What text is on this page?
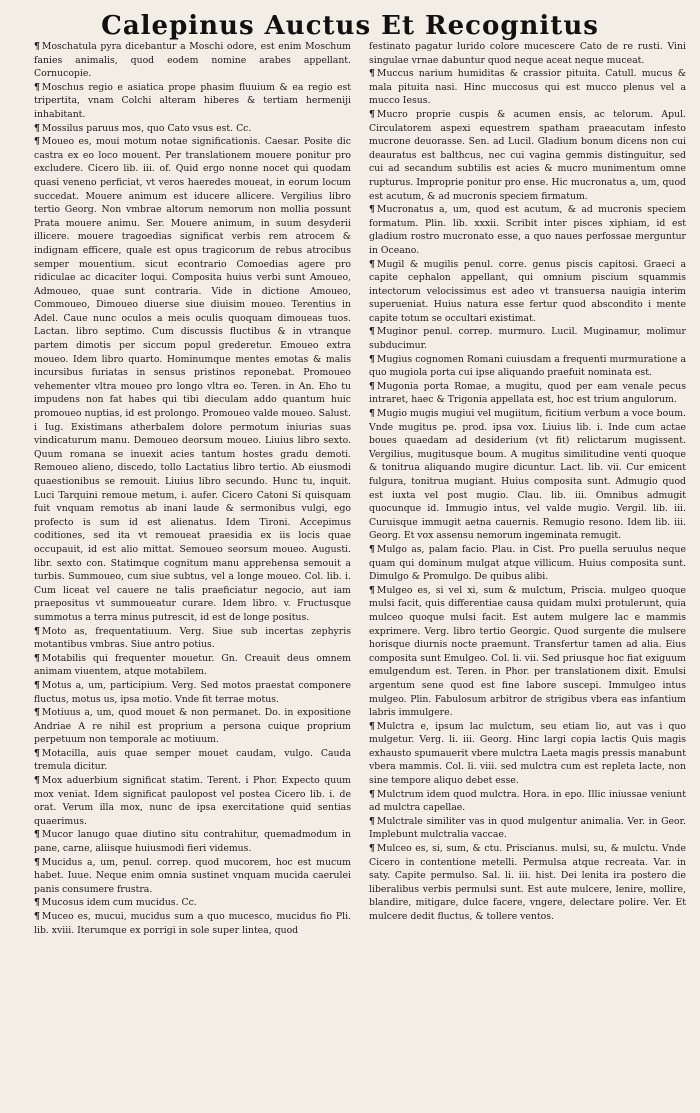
Calepinus Auctus Et Recognitus

¶ Moschatula pyra dicebantur a Moschi odore, est enim Moschum fanies animalis, quod eodem nomine arabes appellant. Cornucopie.

¶ Moschus regio e asiatica prope phasim fluuium & ea regio est tripertita, vnam Colchi alteram hiberes & tertiam hermeniji inhabitant.

¶ Mossilus paruus mos, quo Cato vsus est. Cc.

¶ Moueo es, moui motum notae significationis. Caesar. Posite dic castra ex eo loco mouent. Per translationem mouere ponitur pro excludere. Cicero lib. iii. of. Quid ergo nonne nocet qui quodam quasi veneno perficiat, vt veros haeredes moueat, in eorum locum succedat. Mouere animum est iducere allicere. Vergilius libro tertio Georg. Non vmbrae altorum nemorum non mollia possunt Prata mouere animu. Ser. Mouere animum, in suum desyderii illicere. mouere tragoedias significat verbis rem atrocem & indignam efficere, quale est opus tragicorum de rebus atrocibus semper mouentium. sicut econtrario Comoedias agere pro ridiculae ac dicaciter loqui. Composita huius verbi sunt Amoueo, Admoueo, quae sunt contraria. Vide in dictione Amoueo, Commoueo, Dimoueo diuerse siue diuisim moueo. Terentius in Adel. Caue nunc oculos a meis oculis quoquam dimoueas tuos. Lactan. libro septimo. Cum discussis fluctibus & in vtranque partem dimotis per siccum popul grederetur. Emoueo extra moueo. Idem libro quarto. Hominumque mentes emotas & malis incursibus furiatas in sensus pristinos reponebat. Promoueo vehementer vltra moueo pro longo vltra eo. Teren. in An. Eho tu impudens non fat habes qui tibi dieculam addo quantum huic promoueo nuptias, id est prolongo. Promoueo valde moueo. Salust. i Iug. Existimans atherbalem dolore permotum iniurias suas vindicaturum manu. Demoueo deorsum moueo. Liuius libro sexto. Quum romana se inuexit acies tantum hostes gradu demoti. Remoueo alieno, discedo, tollo Lactatius libro tertio. Ab eiusmodi quaestionibus se remouit. Liuius libro secundo. Hunc tu, inquit. Luci Tarquini remoue metum, i. aufer. Cicero Catoni Si quisquam fuit vnquam remotus ab inani laude & sermonibus vulgi, ego profecto is sum id est alienatus. Idem Tironi. Accepimus coditiones, sed ita vt remoueat praesidia ex iis locis quae occupauit, id est alio mittat. Semoueo seorsum moueo. Augusti. libr. sexto con. Statimque cognitum manu apprehensa semouit a turbis. Summoueo, cum siue subtus, vel a longe moueo. Col. lib. i. Cum liceat vel cauere ne talis praeficiatur negocio, aut iam praepositus vt summoueatur curare. Idem libro. v. Fructusque summotus a terra minus putrescit, id est de longe positus.

¶ Moto as, frequentatiuum. Verg. Siue sub incertas zephyris motantibus vmbras. Siue antro potius.

¶ Motabilis qui frequenter mouetur. Gn. Creauit deus omnem animam viuentem, atque motabilem.

¶ Motus a, um, participium. Verg. Sed motos praestat componere fluctus, motus us, ipsa motio. Vnde fit terrae motus.

¶ Motiuus a, um, quod mouet & non permanet. Do. in expositione Andriae A re nihil est proprium a persona cuique proprium perpetuum non temporale ac motiuum.

¶ Motacilla, auis quae semper mouet caudam, vulgo. Cauda tremula dicitur.

¶ Mox aduerbium significat statim. Terent. i Phor. Expecto quum mox veniat. Idem significat paulopost vel postea Cicero lib. i. de orat. Verum illa mox, nunc de ipsa exercitatione quid sentias quaerimus.

¶ Mucor lanugo quae diutino situ contrahitur, quemadmodum in pane, carne, aliisque huiusmodi fieri videmus.

¶ Mucidus a, um, penul. correp. quod mucorem, hoc est mucum habet. Iuue. Neque enim omnia sustinet vnquam mucida caerulei panis consumere frustra.

¶ Mucosus idem cum mucidus. Cc.

¶ Muceo es, mucui, mucidus sum a quo mucesco, mucidus fio Pli. lib. xviii. Iterumque ex porrigi in sole super lintea, quod

festinato pagatur lurido colore mucescere Cato de re rusti. Vini singulae vrnae dabuntur quod neque aceat neque muceat.

¶ Muccus narium humiditas & crassior pituita. Catull. mucus & mala pituita nasi. Hinc muccosus qui est mucco plenus vel a mucco Iesus.

¶ Mucro proprie cuspis & acumen ensis, ac telorum. Apul. Circulatorem aspexi equestrem spatham praeacutam infesto mucrone deuorasse. Sen. ad Lucil. Gladium bonum dicens non cui deauratus est balthcus, nec cui vagina gemmis distinguitur, sed cui ad secandum subtilis est acies & mucro munimentum omne rupturus. Improprie ponitur pro ense. Hic mucronatus a, um, quod est acutum, & ad mucronis speciem firmatum.

¶ Mucronatus a, um, quod est acutum, & ad mucronis speciem formatum. Plin. lib. xxxii. Scribit inter pisces xiphiam, id est gladium rostro mucronato esse, a quo naues perfossae merguntur in Oceano.

¶ Mugil & mugilis penul. corre. genus piscis capitosi. Graeci a capite cephalon appellant, qui omnium piscium squammis intectorum velocissimus est adeo vt transuersa nauigia interim superueniat. Huius natura esse fertur quod abscondito i mente capite totum se occultari existimat.

¶ Muginor penul. correp. murmuro. Lucil. Muginamur, molimur subducimur.

¶ Mugius cognomen Romani cuiusdam a frequenti murmuratione a quo mugiola porta cui ipse aliquando praefuit nominata est.

¶ Mugonia porta Romae, a mugitu, quod per eam venale pecus intraret, haec & Trigonia appellata est, hoc est trium angulorum.

¶ Mugio mugis mugiui vel mugiitum, ficitium verbum a voce boum. Vnde mugitus pe. prod. ipsa vox. Liuius lib. i. Inde cum actae boues quaedam ad desiderium (vt fit) relictarum mugissent. Vergilius, mugitusque boum. A mugitus similitudine venti quoque & tonitrua aliquando mugire dicuntur. Lact. lib. vii. Cur emicent fulgura, tonitrua mugiant. Huius composita sunt. Admugio quod est iuxta vel post mugio. Clau. lib. iii. Omnibus admugit quocunque id. Immugio intus, vel valde mugio. Vergil. lib. iii. Curuisque immugit aetna cauernis. Remugio resono. Idem lib. iii. Georg. Et vox assensu nemorum ingeminata remugit.

¶ Mulgo as, palam facio. Plau. in Cist. Pro puella seruulus neque quam qui dominum mulgat atque villicum. Huius composita sunt. Dimulgo & Promulgo. De quibus alibi.

¶ Mulgeo es, si vel xi, sum & mulctum, Priscia. mulgeo quoque mulsi facit, quis differentiae causa quidam mulxi protulerunt, quia mulceo quoque mulsi facit. Est autem mulgere lac e mammis exprimere. Verg. libro tertio Georgic. Quod surgente die mulsere horisque diurnis nocte praemunt. Transfertur tamen ad alia. Eius composita sunt Emulgeo. Col. li. vii. Sed priusque hoc fiat exiguum emulgendum est. Teren. in Phor. per translationem dixit. Emulsi argentum sene quod est fine labore suscepi. Immulgeo intus mulgeo. Plin. Fabulosum arbitror de strigibus vbera eas infantium labris immulgere.

¶ Mulctra e, ipsum lac mulctum, seu etiam lio, aut vas i quo mulgetur. Verg. li. iii. Georg. Hinc largi copia lactis Quis magis exhausto spumauerit vbere mulctra Laeta magis pressis manabunt vbera mammis. Col. li. viii. sed mulctra cum est repleta lacte, non sine tempore aliquo debet esse.

¶ Mulctrum idem quod mulctra. Hora. in epo. Illic iniussae veniunt ad mulctra capellae.

¶ Mulctrale similiter vas in quod mulgentur animalia. Ver. in Geor. Implebunt mulctralia vaccae.

¶ Mulceo es, si, sum, & ctu. Priscianus. mulsi, su, & mulctu. Vnde Cicero in contentione metelli. Permulsa atque recreata. Var. in saty. Capite permulso. Sal. li. iii. hist. Dei lenita ira postero die liberalibus verbis permulsi sunt. Est aute mulcere, lenire, mollire, blandire, mitigare, dulce facere, vngere, delectare polire. Ver. Et mulcere dedit fluctus, & tollere ventos.
